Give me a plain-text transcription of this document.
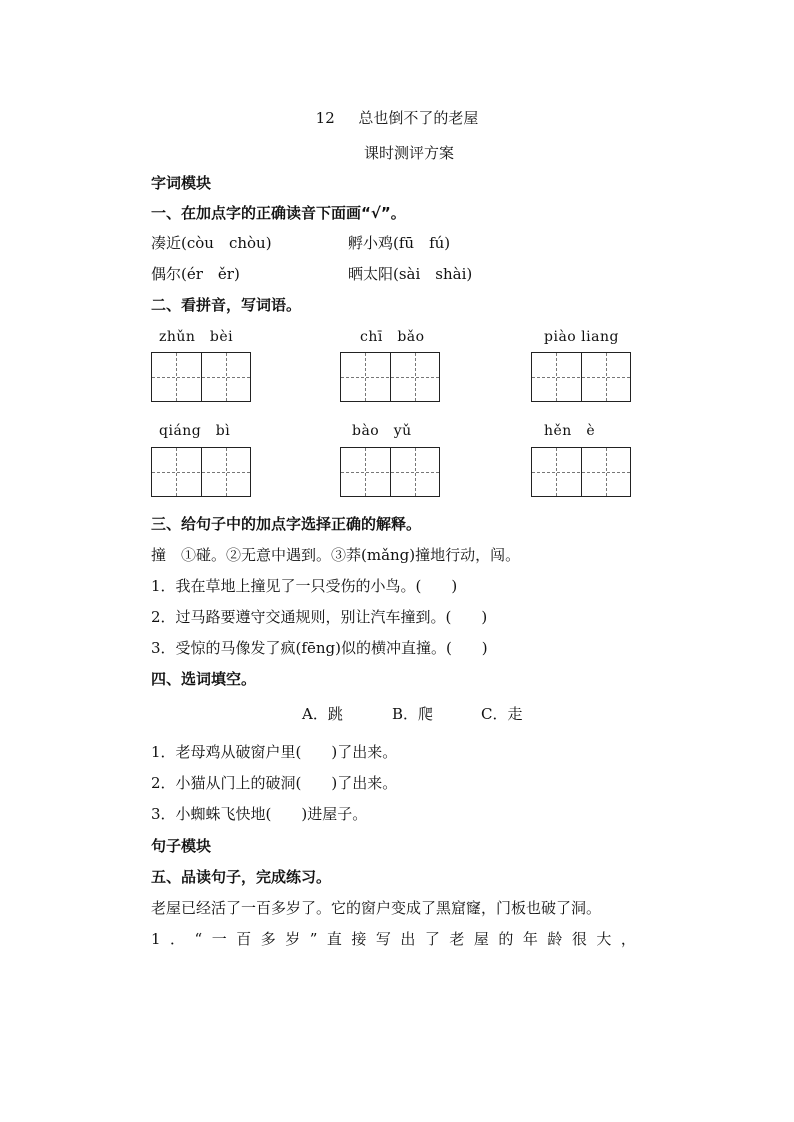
12 总也倒不了的老屋
课时测评方案
字词模块
一、在加点字的正确读音下面画“√”。
凑近(còu　chòu)	孵小鸡(fū　fú)
偶尔(ér　ěr)	晒太阳(sài　shài)
二、看拼音，写词语。
zhǔn　bèi	chī　bǎo	piào liang
qiáng　bì	bào　yǔ	hěn　è
三、给句子中的加点字选择正确的解释。
撞　①碰。②无意中遇到。③莽(mǎng)撞地行动，闯。
1．我在草地上撞见了一只受伤的小鸟。(　　)
2．过马路要遵守交通规则，别让汽车撞到。(　　)
3．受惊的马像发了疯(fēng)似的横冲直撞。(　　)
四、选词填空。
A．跳	B．爬	C．走
1．老母鸡从破窗户里(　　)了出来。
2．小猫从门上的破洞(　　)了出来。
3．小蜘蛛飞快地(　　)进屋子。
句子模块
五、品读句子，完成练习。
老屋已经活了一百多岁了。它的窗户变成了黑窟窿，门板也破了洞。
1．“一百多岁”直接写出了老屋的年龄很大，
